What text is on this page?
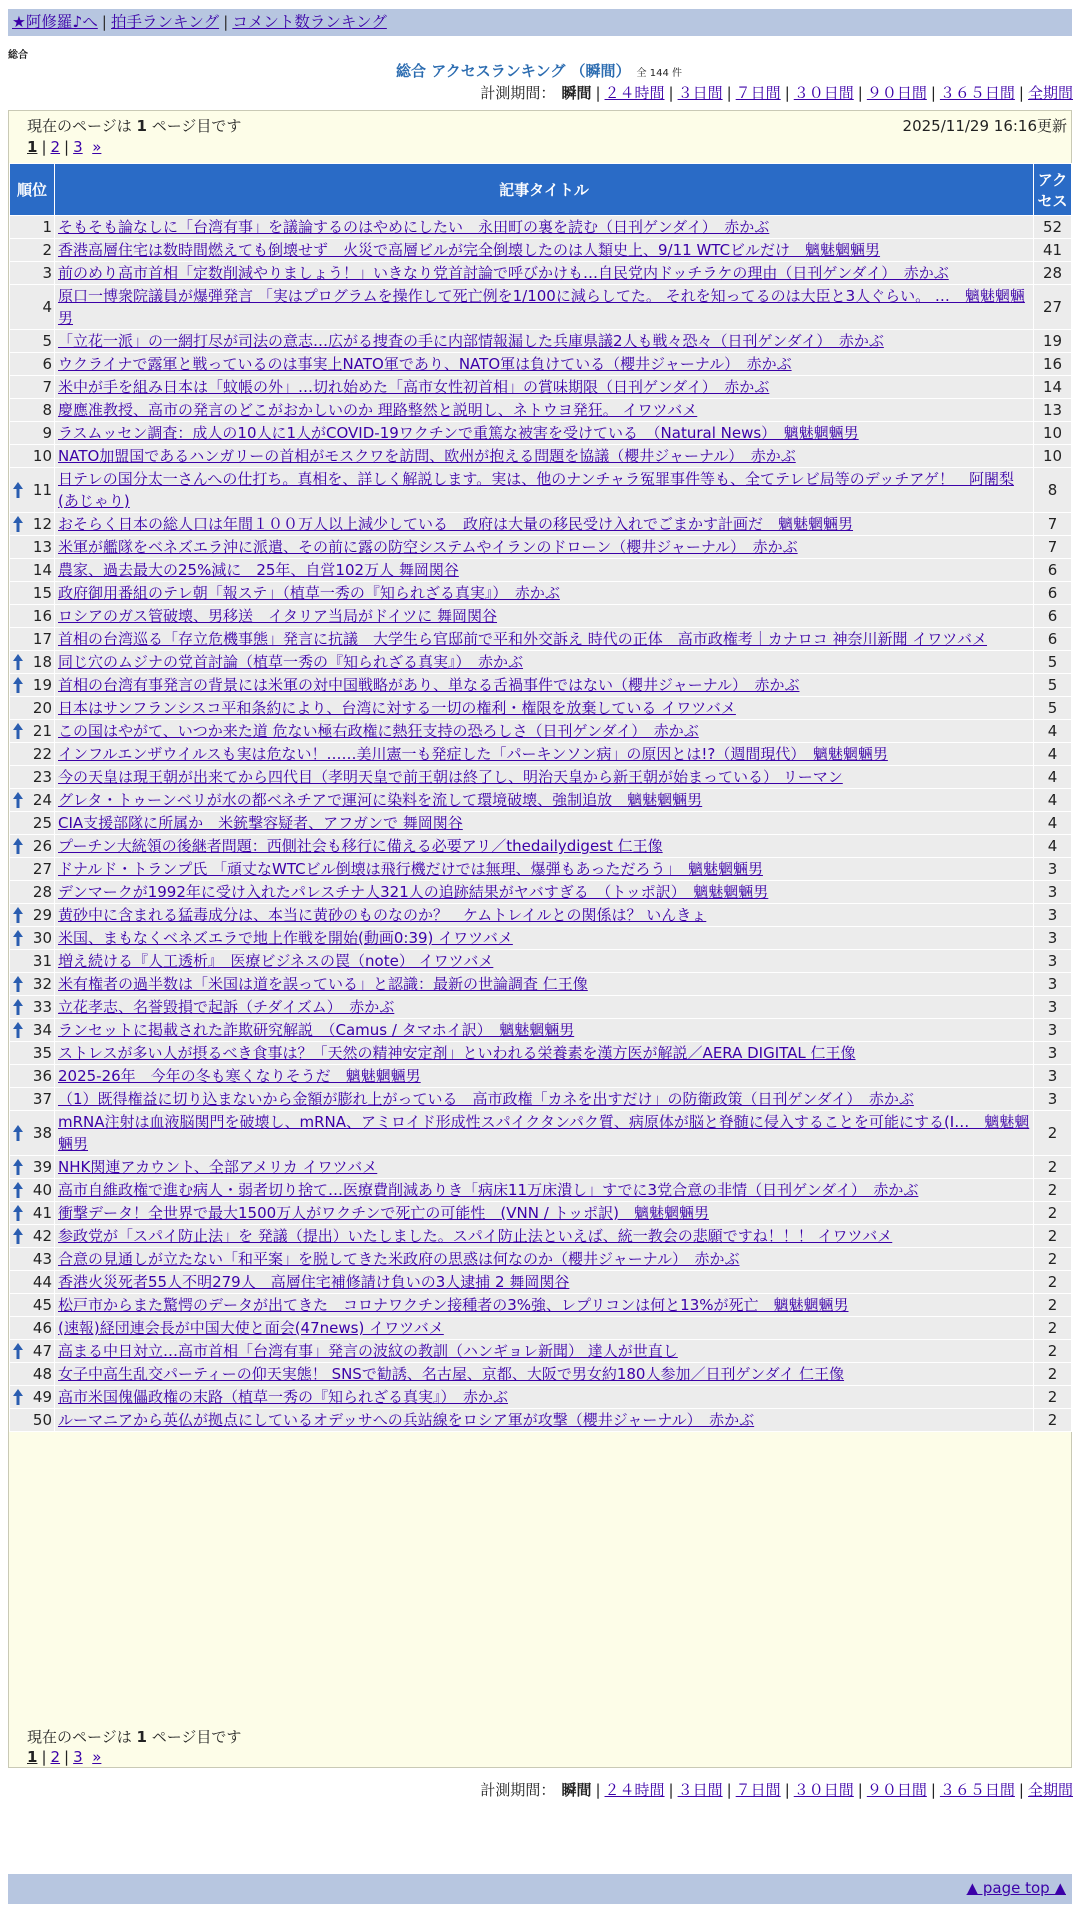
★阿修羅♪へ | 拍手ランキング | コメント数ランキング
総合
総合 アクセスランキング （瞬間） 全 144 件
計測期間： 瞬間 | ２４時間 | ３日間 | ７日間 | ３０日間 | ９０日間 | ３６５日間 | 全期間
現在のページは 1 ページ目です	2025/11/29 16:16更新
1 | 2 | 3 »
順位	記事タイトル	アクセス
1	そもそも論なしに「台湾有事」を議論するのはやめにしたい　永田町の裏を読む（日刊ゲンダイ）　赤かぶ	52
2	香港高層住宅は数時間燃えても倒壊せず　火災で高層ビルが完全倒壊したのは人類史上、9/11 WTCビルだけ　魑魅魍魎男	41
3	前のめり高市首相「定数削減やりましょう！」いきなり党首討論で呼びかけも…自民党内ドッチラケの理由（日刊ゲンダイ）　赤かぶ	28
4	原口一博衆院議員が爆弾発言 「実はプログラムを操作して死亡例を1/100に減らしてた。 それを知ってるのは大臣と3人ぐらい。 …　魑魅魍魎男	27
5	「立花一派」の一網打尽が司法の意志…広がる捜査の手に内部情報漏した兵庫県議2人も戦々恐々（日刊ゲンダイ）　赤かぶ	19
6	ウクライナで露軍と戦っているのは事実上NATO軍であり、NATO軍は負けている（櫻井ジャーナル）　赤かぶ	16
7	米中が手を組み日本は「蚊帳の外」…切れ始めた「高市女性初首相」の賞味期限（日刊ゲンダイ）　赤かぶ	14
8	慶應准教授、高市の発言のどこがおかしいのか 理路整然と説明し、ネトウヨ発狂。 イワツバメ	13
9	ラスムッセン調査：成人の10人に1人がCOVID-19ワクチンで重篤な被害を受けている　（Natural News）　魑魅魍魎男	10
10	NATO加盟国であるハンガリーの首相がモスクワを訪問、欧州が抱える問題を協議（櫻井ジャーナル）　赤かぶ	10

11	日テレの国分太一さんへの仕打ち。真相を、詳しく解説します。実は、他のナンチャラ冤罪事件等も、全てテレビ局等のデッチアゲ！　阿闍梨(あじゃり)	8

12	おそらく日本の総人口は年間１００万人以上減少している　政府は大量の移民受け入れでごまかす計画だ　魑魅魍魎男	7
13	米軍が艦隊をベネズエラ沖に派遣、その前に露の防空システムやイランのドローン（櫻井ジャーナル）　赤かぶ	7
14	農家、過去最大の25%減に　25年、自営102万人 舞岡関谷	6
15	政府御用番組のテレ朝「報ステ」（植草一秀の『知られざる真実』）　赤かぶ	6
16	ロシアのガス管破壊、男移送　イタリア当局がドイツに 舞岡関谷	6
17	首相の台湾巡る「存立危機事態」発言に抗議　大学生ら官邸前で平和外交訴え 時代の正体　高市政権考｜カナロコ 神奈川新聞 イワツバメ	6

18	同じ穴のムジナの党首討論（植草一秀の『知られざる真実』）　赤かぶ	5

19	首相の台湾有事発言の背景には米軍の対中国戦略があり、単なる舌禍事件ではない（櫻井ジャーナル）　赤かぶ	5
20	日本はサンフランシスコ平和条約により、台湾に対する一切の権利・権限を放棄している イワツバメ	5

21	この国はやがて、いつか来た道 危ない極右政権に熱狂支持の恐ろしさ（日刊ゲンダイ）　赤かぶ	4
22	インフルエンザウイルスも実は危ない！……美川憲一も発症した「パーキンソン病」の原因とは!?（週間現代）　魑魅魍魎男	4
23	今の天皇は現王朝が出来てから四代目（孝明天皇で前王朝は終了し、明治天皇から新王朝が始まっている） リーマン	4

24	グレタ・トゥーンベリが水の都ベネチアで運河に染料を流して環境破壊、強制追放　魑魅魍魎男	4
25	CIA支援部隊に所属か　米銃撃容疑者、アフガンで 舞岡関谷	4

26	プーチン大統領の後継者問題：西側社会も移行に備える必要アリ／thedailydigest 仁王像	4
27	ドナルド・トランプ氏 「頑丈なWTCビル倒壊は飛行機だけでは無理、爆弾もあっただろう」　魑魅魍魎男	3
28	デンマークが1992年に受け入れたパレスチナ人321人の追跡結果がヤバすぎる　（トッポ訳）　魑魅魍魎男	3

29	黄砂中に含まれる猛毒成分は、本当に黄砂のものなのか？　ケムトレイルとの関係は？ いんきょ	3

30	米国、まもなくベネズエラで地上作戦を開始(動画0:39) イワツバメ	3
31	増え続ける『人工透析』　医療ビジネスの罠（note） イワツバメ	3

32	米有権者の過半数は「米国は道を誤っている」と認識：最新の世論調査 仁王像	3

33	立花孝志、名誉毀損で起訴（チダイズム）　赤かぶ	3

34	ランセットに掲載された詐欺研究解説　（Camus / タマホイ訳）　魑魅魍魎男	3
35	ストレスが多い人が摂るべき食事は？「天然の精神安定剤」といわれる栄養素を漢方医が解説／AERA DIGITAL 仁王像	3
36	2025-26年　今年の冬も寒くなりそうだ　魑魅魍魎男	3
37	（1）既得権益に切り込まないから金額が膨れ上がっている　高市政権「カネを出すだけ」の防衛政策（日刊ゲンダイ）　赤かぶ	3

38	mRNA注射は血液脳関門を破壊し、mRNA、アミロイド形成性スパイクタンパク質、病原体が脳と脊髄に侵入することを可能にする(I…　魑魅魍魎男	2

39	NHK関連アカウント、全部アメリカ イワツバメ	2

40	高市自維政権で進む病人・弱者切り捨て…医療費削減ありき「病床11万床潰し」すでに3党合意の非情（日刊ゲンダイ）　赤かぶ	2

41	衝撃データ！全世界で最大1500万人がワクチンで死亡の可能性　(VNN / トッポ訳)　魑魅魍魎男	2

42	参政党が「スパイ防止法」を 発議（提出）いたしました。スパイ防止法といえば、統一教会の悲願ですね！！！ イワツバメ	2
43	合意の見通しが立たない「和平案」を脱してきた米政府の思惑は何なのか（櫻井ジャーナル）　赤かぶ	2
44	香港火災死者55人不明279人　高層住宅補修請け負いの3人逮捕 2 舞岡関谷	2
45	松戸市からまた驚愕のデータが出てきた　コロナワクチン接種者の3%強、レプリコンは何と13%が死亡　魑魅魍魎男	2
46	(速報)経団連会長が中国大使と面会(47news) イワツバメ	2

47	高まる中日対立…高市首相「台湾有事」発言の波紋の教訓（ハンギョレ新聞） 達人が世直し	2
48	女子中高生乱交パーティーの仰天実態！ SNSで勧誘、名古屋、京都、大阪で男女約180人参加／日刊ゲンダイ 仁王像	2

49	高市米国傀儡政権の末路（植草一秀の『知られざる真実』）　赤かぶ	2
50	ルーマニアから英仏が拠点にしているオデッサへの兵站線をロシア軍が攻撃（櫻井ジャーナル）　赤かぶ	2
現在のページは 1 ページ目です
1 | 2 | 3 »
計測期間： 瞬間 | ２４時間 | ３日間 | ７日間 | ３０日間 | ９０日間 | ３６５日間 | 全期間
▲ page top ▲
